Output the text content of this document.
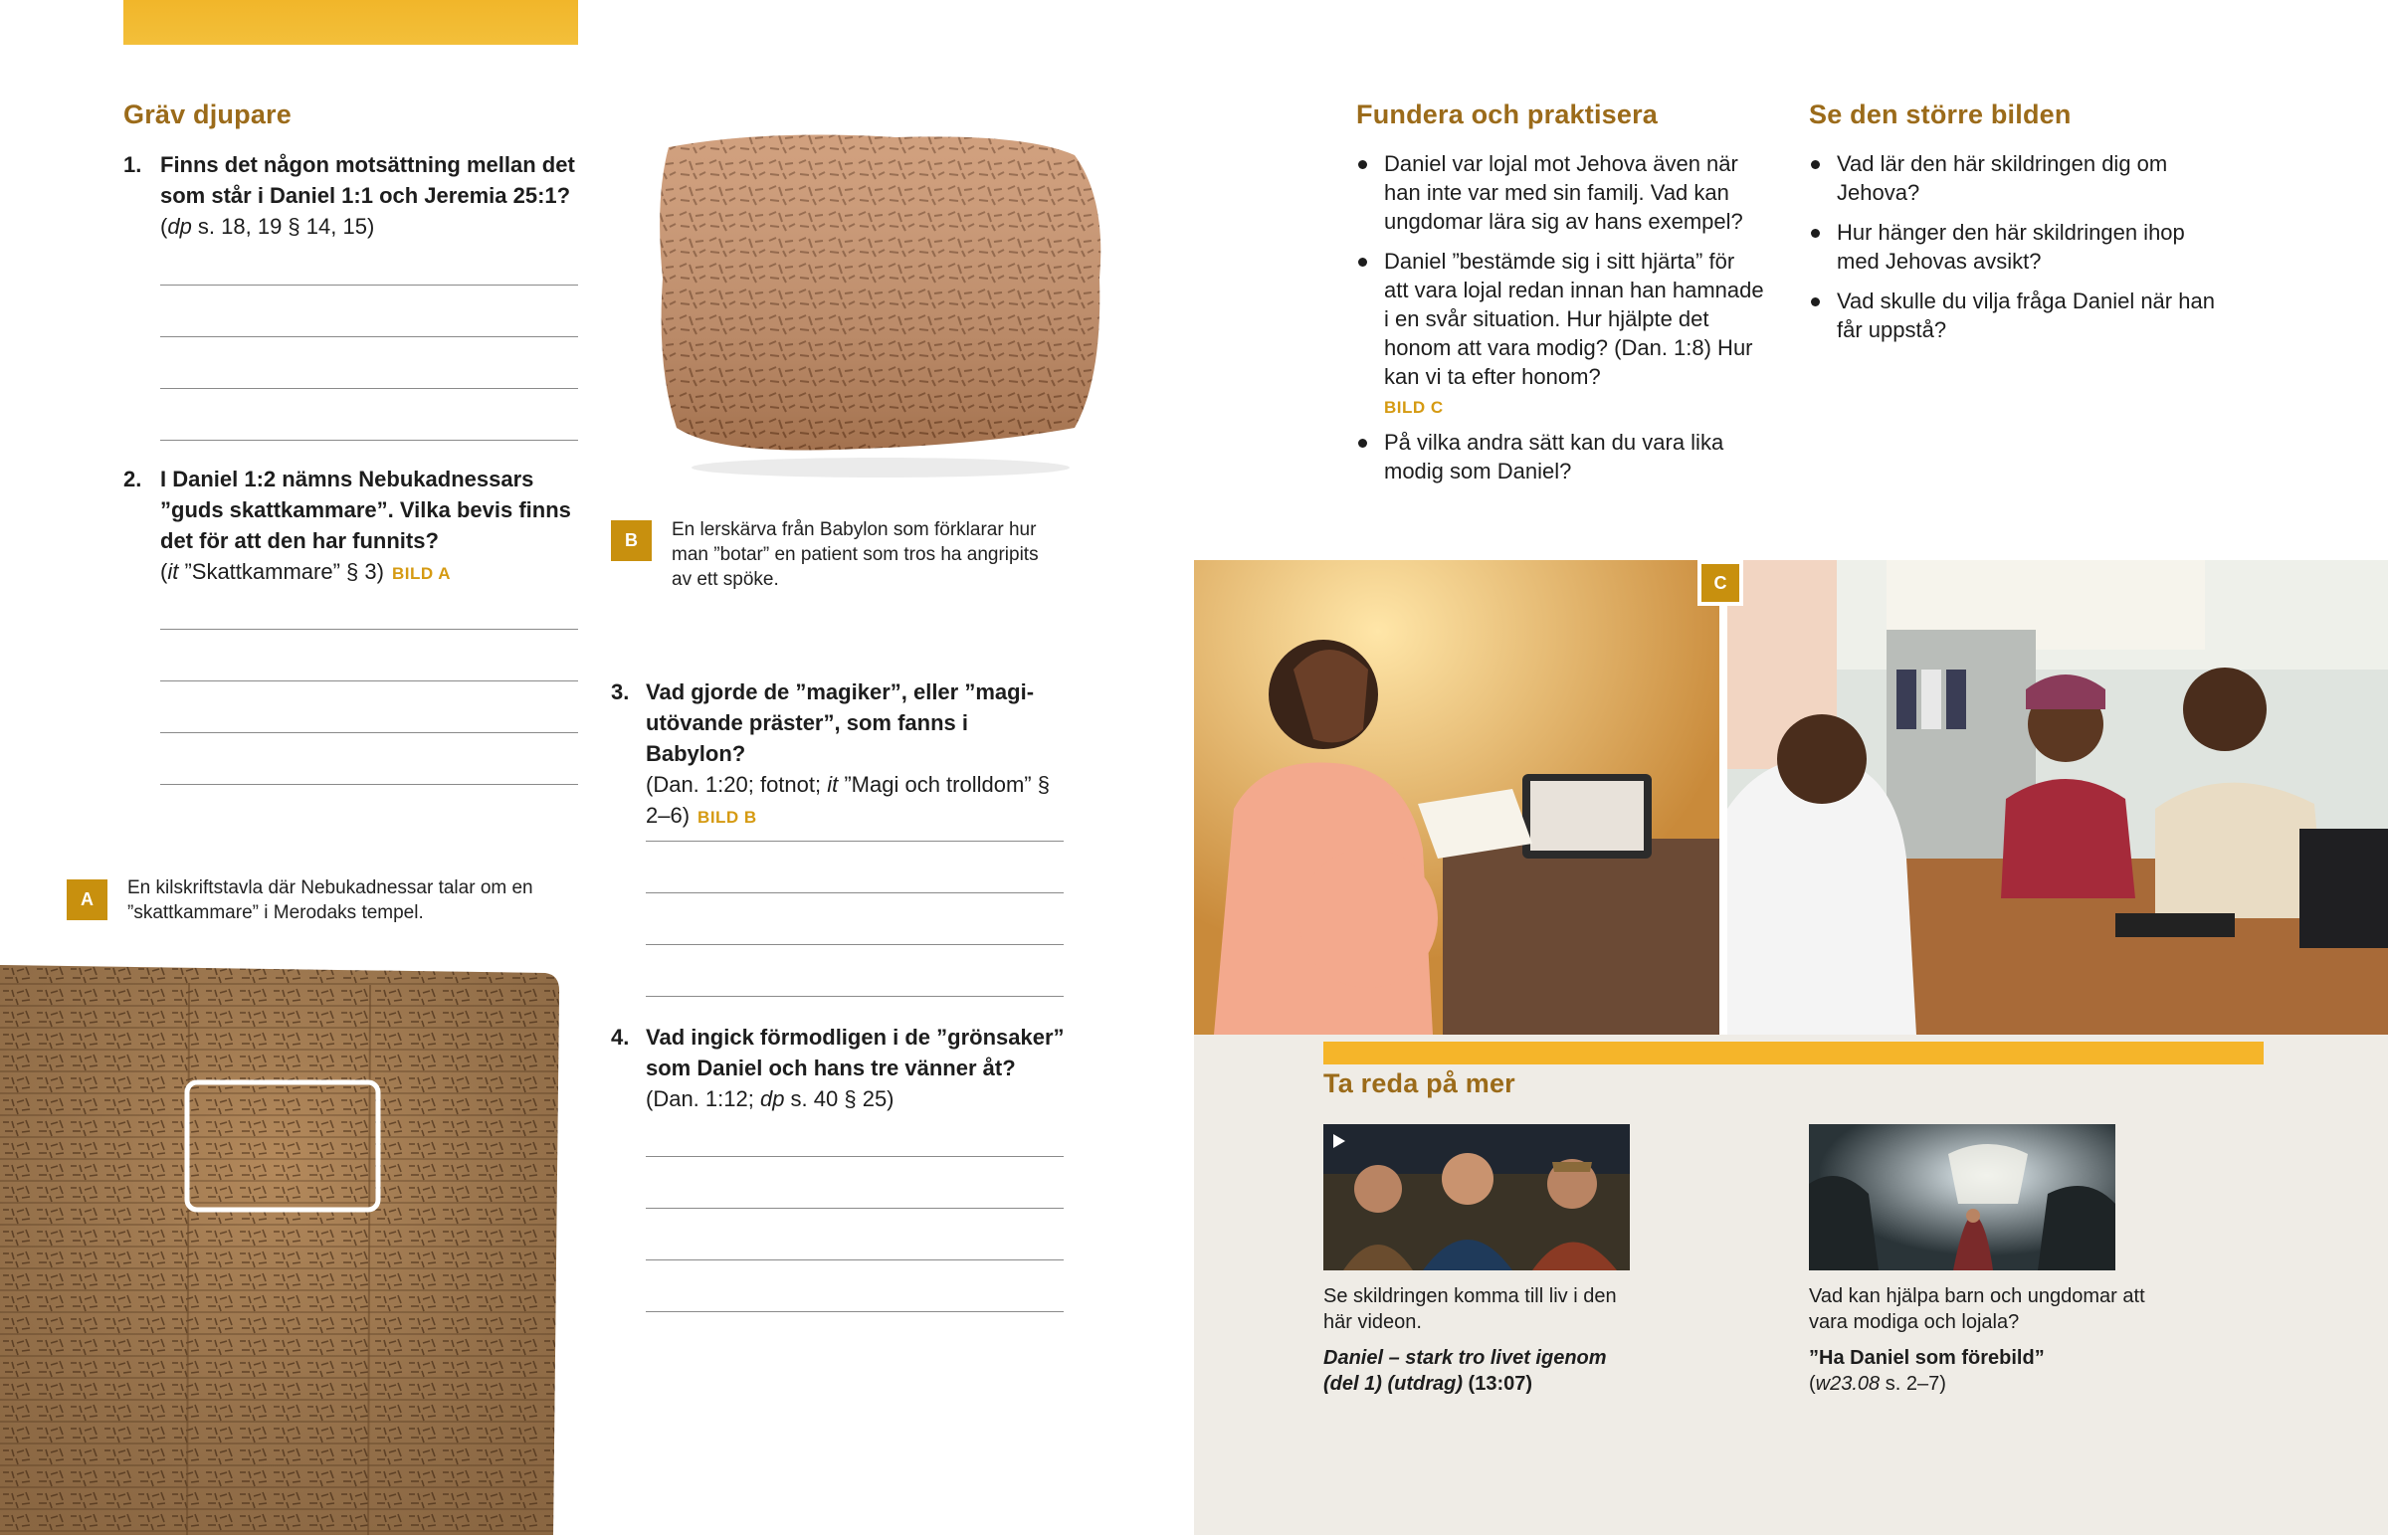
Gräv djupare
1. Finns det någon motsättning mellan det som står i Daniel 1:1 och Jeremia 25:1?
(dp s. 18, 19 § 14, 15)
2. I Daniel 1:2 nämns Nebukadnessars ”guds skattkammare”. Vilka bevis finns det för att den har funnits?
(it ”Skattkammare” § 3) BILD A
A
En kilskriftstavla där Nebukadnessar talar om en ”skattkammare” i Merodaks tempel.
B	En lerskärva från Babylon som förklarar hur man ”botar” en patient som tros ha angripits av ett spöke.
3. Vad gjorde de ”magiker”, eller ”magiutövande präster”, som fanns i Babylon?
(Dan. 1:20; fotnot; it ”Magi och trolldom” § 2–6) BILD B
4. Vad ingick förmodligen i de ”grönsaker” som Daniel och hans tre vänner åt?
(Dan. 1:12; dp s. 40 § 25)
Fundera och praktisera
Daniel var lojal mot Jehova även när han inte var med sin familj. Vad kan ungdomar lära sig av hans exempel?
Daniel ”bestämde sig i sitt hjärta” för att vara lojal redan innan han hamnade i en svår situation. Hur hjälpte det honom att vara modig? (Dan. 1:8) Hur kan vi ta efter honom?
BILD C
På vilka andra sätt kan du vara lika modig som Daniel?
Se den större bilden
Vad lär den här skildringen dig om Jehova?
Hur hänger den här skildringen ihop med Jehovas avsikt?
Vad skulle du vilja fråga Daniel när han får uppstå?
C
Ta reda på mer
Se skildringen komma till liv i den här videon.
Daniel – stark tro livet igenom (del 1) (utdrag) (13:07)
Vad kan hjälpa barn och ungdomar att vara modiga och lojala?
”Ha Daniel som förebild”
(w23.08 s. 2–7)
